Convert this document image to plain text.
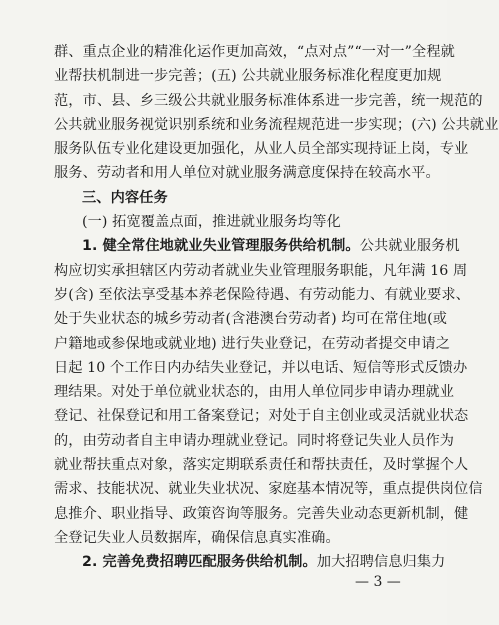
群、重点企业的精准化运作更加高效，“点对点”“一对一”全程就
业帮扶机制进一步完善；(五) 公共就业服务标准化程度更加规
范，市、县、乡三级公共就业服务标准体系进一步完善，统一规范的
公共就业服务视觉识别系统和业务流程规范进一步实现；(六) 公共就业
服务队伍专业化建设更加强化，从业人员全部实现持证上岗，专业
服务、劳动者和用人单位对就业服务满意度保持在较高水平。
三、内容任务
(一) 拓宽覆盖点面，推进就业服务均等化
1. 健全常住地就业失业管理服务供给机制。公共就业服务机
构应切实承担辖区内劳动者就业失业管理服务职能，凡年满 16 周
岁(含) 至依法享受基本养老保险待遇、有劳动能力、有就业要求、
处于失业状态的城乡劳动者(含港澳台劳动者) 均可在常住地(或
户籍地或参保地或就业地) 进行失业登记，在劳动者提交申请之
日起 10 个工作日内办结失业登记，并以电话、短信等形式反馈办
理结果。对处于单位就业状态的，由用人单位同步申请办理就业
登记、社保登记和用工备案登记；对处于自主创业或灵活就业状态
的，由劳动者自主申请办理就业登记。同时将登记失业人员作为
就业帮扶重点对象，落实定期联系责任和帮扶责任，及时掌握个人
需求、技能状况、就业失业状况、家庭基本情况等，重点提供岗位信
息推介、职业指导、政策咨询等服务。完善失业动态更新机制，健
全登记失业人员数据库，确保信息真实准确。
2. 完善免费招聘匹配服务供给机制。加大招聘信息归集力
— 3 —
